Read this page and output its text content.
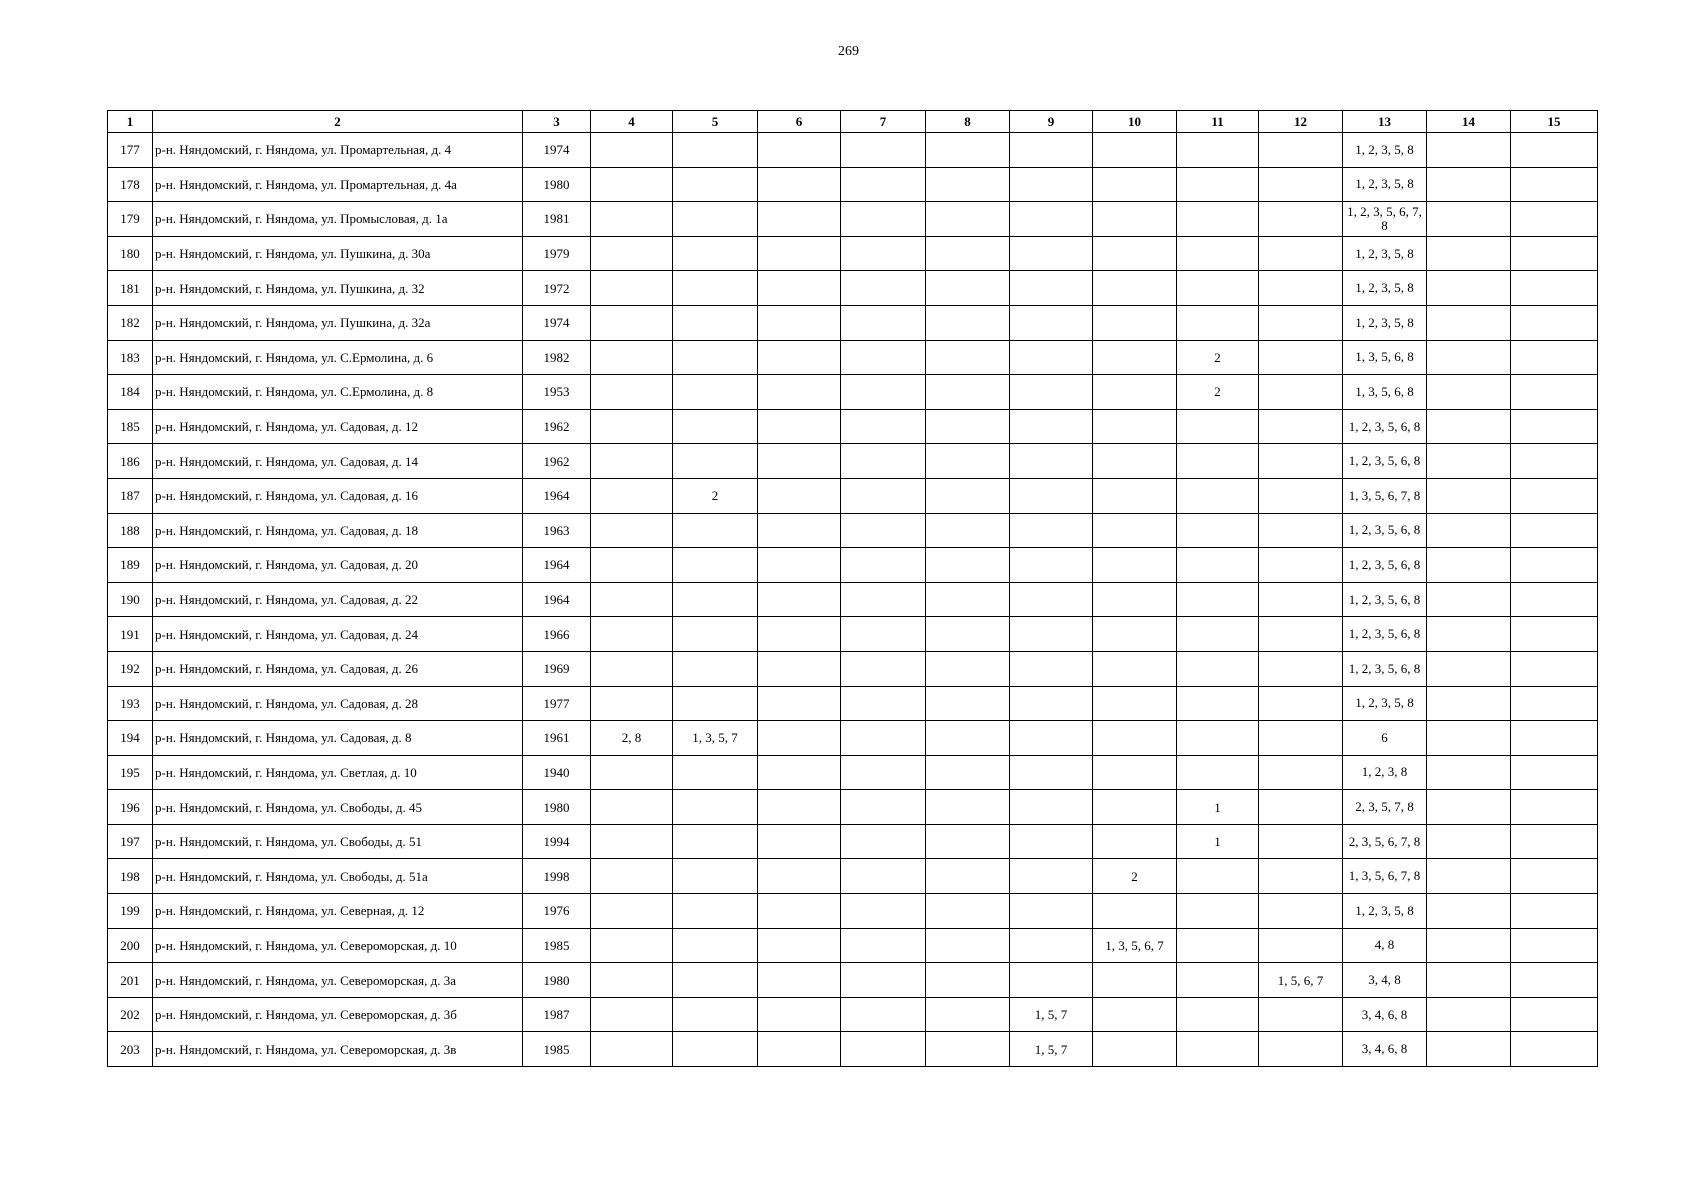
269
1	2	3	4	5	6	7	8	9	10	11	12	13	14	15
177	р-н. Няндомский, г. Няндома, ул. Промартельная, д. 4	1974										1, 2, 3, 5, 8		
178	р-н. Няндомский, г. Няндома, ул. Промартельная, д. 4а	1980										1, 2, 3, 5, 8		
179	р-н. Няндомский, г. Няндома, ул. Промысловая, д. 1а	1981										1, 2, 3, 5, 6, 7, 8		
180	р-н. Няндомский, г. Няндома, ул. Пушкина, д. 30а	1979										1, 2, 3, 5, 8		
181	р-н. Няндомский, г. Няндома, ул. Пушкина, д. 32	1972										1, 2, 3, 5, 8		
182	р-н. Няндомский, г. Няндома, ул. Пушкина, д. 32а	1974										1, 2, 3, 5, 8		
183	р-н. Няндомский, г. Няндома, ул. С.Ермолина, д. 6	1982								2		1, 3, 5, 6, 8		
184	р-н. Няндомский, г. Няндома, ул. С.Ермолина, д. 8	1953								2		1, 3, 5, 6, 8		
185	р-н. Няндомский, г. Няндома, ул. Садовая, д. 12	1962										1, 2, 3, 5, 6, 8		
186	р-н. Няндомский, г. Няндома, ул. Садовая, д. 14	1962										1, 2, 3, 5, 6, 8		
187	р-н. Няндомский, г. Няндома, ул. Садовая, д. 16	1964		2								1, 3, 5, 6, 7, 8		
188	р-н. Няндомский, г. Няндома, ул. Садовая, д. 18	1963										1, 2, 3, 5, 6, 8		
189	р-н. Няндомский, г. Няндома, ул. Садовая, д. 20	1964										1, 2, 3, 5, 6, 8		
190	р-н. Няндомский, г. Няндома, ул. Садовая, д. 22	1964										1, 2, 3, 5, 6, 8		
191	р-н. Няндомский, г. Няндома, ул. Садовая, д. 24	1966										1, 2, 3, 5, 6, 8		
192	р-н. Няндомский, г. Няндома, ул. Садовая, д. 26	1969										1, 2, 3, 5, 6, 8		
193	р-н. Няндомский, г. Няндома, ул. Садовая, д. 28	1977										1, 2, 3, 5, 8		
194	р-н. Няндомский, г. Няндома, ул. Садовая, д. 8	1961	2, 8	1, 3, 5, 7								6		
195	р-н. Няндомский, г. Няндома, ул. Светлая, д. 10	1940										1, 2, 3, 8		
196	р-н. Няндомский, г. Няндома, ул. Свободы, д. 45	1980								1		2, 3, 5, 7, 8		
197	р-н. Няндомский, г. Няндома, ул. Свободы, д. 51	1994								1		2, 3, 5, 6, 7, 8		
198	р-н. Няндомский, г. Няндома, ул. Свободы, д. 51а	1998							2			1, 3, 5, 6, 7, 8		
199	р-н. Няндомский, г. Няндома, ул. Северная, д. 12	1976										1, 2, 3, 5, 8		
200	р-н. Няндомский, г. Няндома, ул. Североморская, д. 10	1985							1, 3, 5, 6, 7			4, 8		
201	р-н. Няндомский, г. Няндома, ул. Североморская, д. 3а	1980									1, 5, 6, 7	3, 4, 8		
202	р-н. Няндомский, г. Няндома, ул. Североморская, д. 3б	1987						1, 5, 7				3, 4, 6, 8		
203	р-н. Няндомский, г. Няндома, ул. Североморская, д. 3в	1985						1, 5, 7				3, 4, 6, 8		
